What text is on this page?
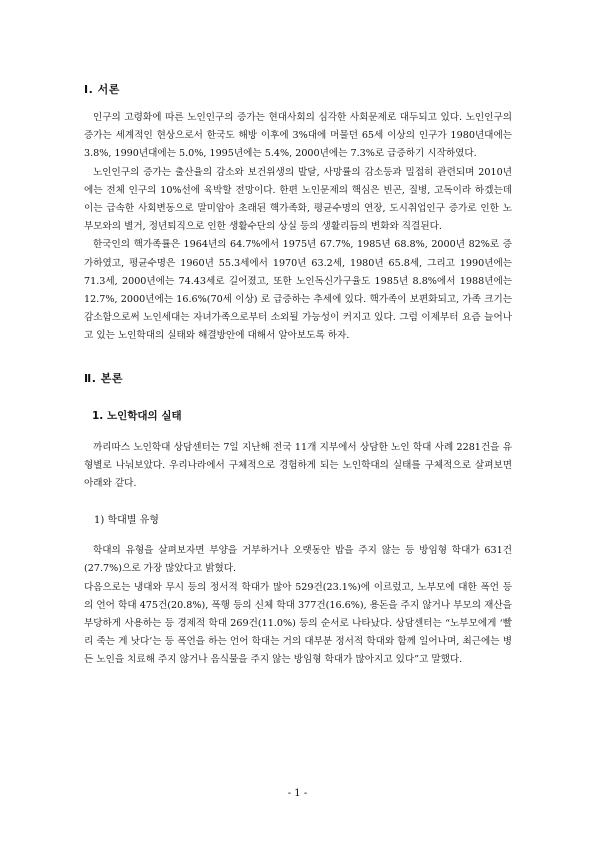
Ⅰ. 서론

인구의 고령화에 따른 노인인구의 증가는 현대사회의 심각한 사회문제로 대두되고 있다. 노인인구의 증가는 세계적인 현상으로서 한국도 해방 이후에 3%대에 머물던 65세 이상의 인구가 1980년대에는 3.8%, 1990년대에는 5.0%, 1995년에는 5.4%, 2000년에는 7.3%로 급증하기 시작하였다.

노인인구의 증가는 출산율의 감소와 보건위생의 발달, 사망률의 감소등과 밀접히 관련되며 2010년에는 전체 인구의 10%선에 육박할 전망이다. 한편 노인문제의 핵심은 빈곤, 질병, 고독이라 하겠는데 이는 급속한 사회변동으로 말미암아 초래된 핵가족화, 평균수명의 연장, 도시취업인구 증가로 인한 노부모와의 별거, 정년퇴직으로 인한 생활수단의 상실 등의 생활리듬의 변화와 직결된다.

한국인의 핵가족률은 1964년의 64.7%에서 1975년 67.7%, 1985년 68.8%, 2000년 82%로 증가하였고, 평균수명은 1960년 55.3세에서 1970년 63.2세, 1980년 65.8세, 그리고 1990년에는 71.3세, 2000년에는 74.43세로 길어졌고, 또한 노인독신가구율도 1985년 8.8%에서 1988년에는 12.7%, 2000년에는 16.6%(70세 이상) 로 급증하는 추세에 있다. 핵가족이 보편화되고, 가족 크기는 감소함으로써 노인세대는 자녀가족으로부터 소외될 가능성이 커지고 있다. 그럼 이제부터 요즘 늘어나고 있는 노인학대의 실태와 해결방안에 대해서 알아보도록 하자.

Ⅱ. 본론
1. 노인학대의 실태

까리따스 노인학대 상담센터는 7일 지난해 전국 11개 지부에서 상담한 노인 학대 사례 2281건을 유형별로 나눠보았다. 우리나라에서 구체적으로 경험하게 되는 노인학대의 실태를 구체적으로 살펴보면 아래와 같다.

1) 학대별 유형

학대의 유형을 살펴보자면 부양을 거부하거나 오랫동안 밥을 주지 않는 등 방임형 학대가 631건(27.7%)으로 가장 많았다고 밝혔다.

다음으로는 냉대와 무시 등의 정서적 학대가 많아 529건(23.1%)에 이르렀고, 노부모에 대한 폭언 등의 언어 학대 475건(20.8%), 폭행 등의 신체 학대 377건(16.6%), 용돈을 주지 않거나 부모의 재산을 부당하게 사용하는 등 경제적 학대 269건(11.0%) 등의 순서로 나타났다. 상담센터는 “노부모에게 ‘빨리 죽는 게 낫다’는 등 폭언을 하는 언어 학대는 거의 대부분 정서적 학대와 함께 일어나며, 최근에는 병든 노인을 치료해 주지 않거나 음식물을 주지 않는 방임형 학대가 많아지고 있다”고 말했다.

- 1 -
